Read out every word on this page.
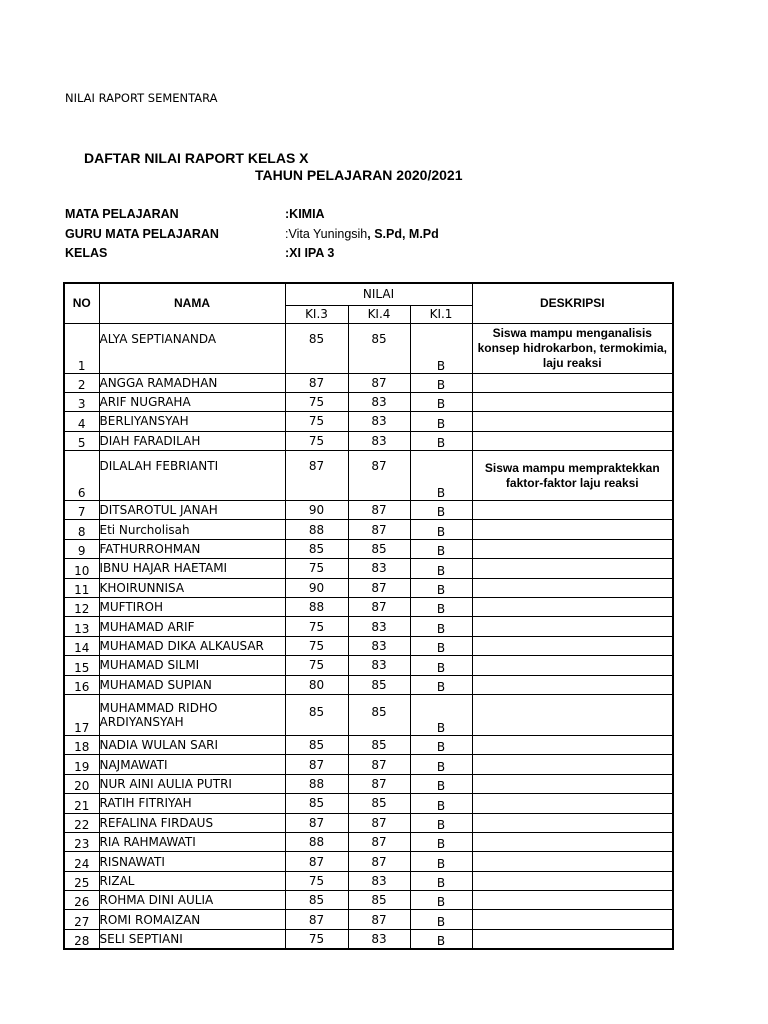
NILAI RAPORT SEMENTARA
DAFTAR NILAI RAPORT KELAS X
TAHUN PELAJARAN 2020/2021
MATA PELAJARAN	:KIMIA
GURU MATA PELAJARAN	:Vita Yuningsih, S.Pd, M.Pd
KELAS	:XI IPA 3
NO	NAMA	NILAI			DESKRIPSI
		KI.3	KI.4	KI.1	
1	ALYA SEPTIANANDA	85	85	B	Siswa mampu menganalisis konsep hidrokarbon, termokimia, laju reaksi
2	ANGGA RAMADHAN	87	87	B	
3	ARIF NUGRAHA	75	83	B	
4	BERLIYANSYAH	75	83	B	
5	DIAH FARADILAH	75	83	B	
6	DILALAH FEBRIANTI	87	87	B	Siswa mampu mempraktekkan faktor-faktor laju reaksi
7	DITSAROTUL JANAH	90	87	B	
8	Eti Nurcholisah	88	87	B	
9	FATHURROHMAN	85	85	B	
10	IBNU HAJAR HAETAMI	75	83	B	
11	KHOIRUNNISA	90	87	B	
12	MUFTIROH	88	87	B	
13	MUHAMAD ARIF	75	83	B	
14	MUHAMAD DIKA ALKAUSAR	75	83	B	
15	MUHAMAD SILMI	75	83	B	
16	MUHAMAD SUPIAN	80	85	B	
17	MUHAMMAD RIDHO ARDIYANSYAH	85	85	B	
18	NADIA WULAN SARI	85	85	B	
19	NAJMAWATI	87	87	B	
20	NUR AINI AULIA PUTRI	88	87	B	
21	RATIH FITRIYAH	85	85	B	
22	REFALINA FIRDAUS	87	87	B	
23	RIA RAHMAWATI	88	87	B	
24	RISNAWATI	87	87	B	
25	RIZAL	75	83	B	
26	ROHMA DINI AULIA	85	85	B	
27	ROMI ROMAIZAN	87	87	B	
28	SELI SEPTIANI	75	83	B	
